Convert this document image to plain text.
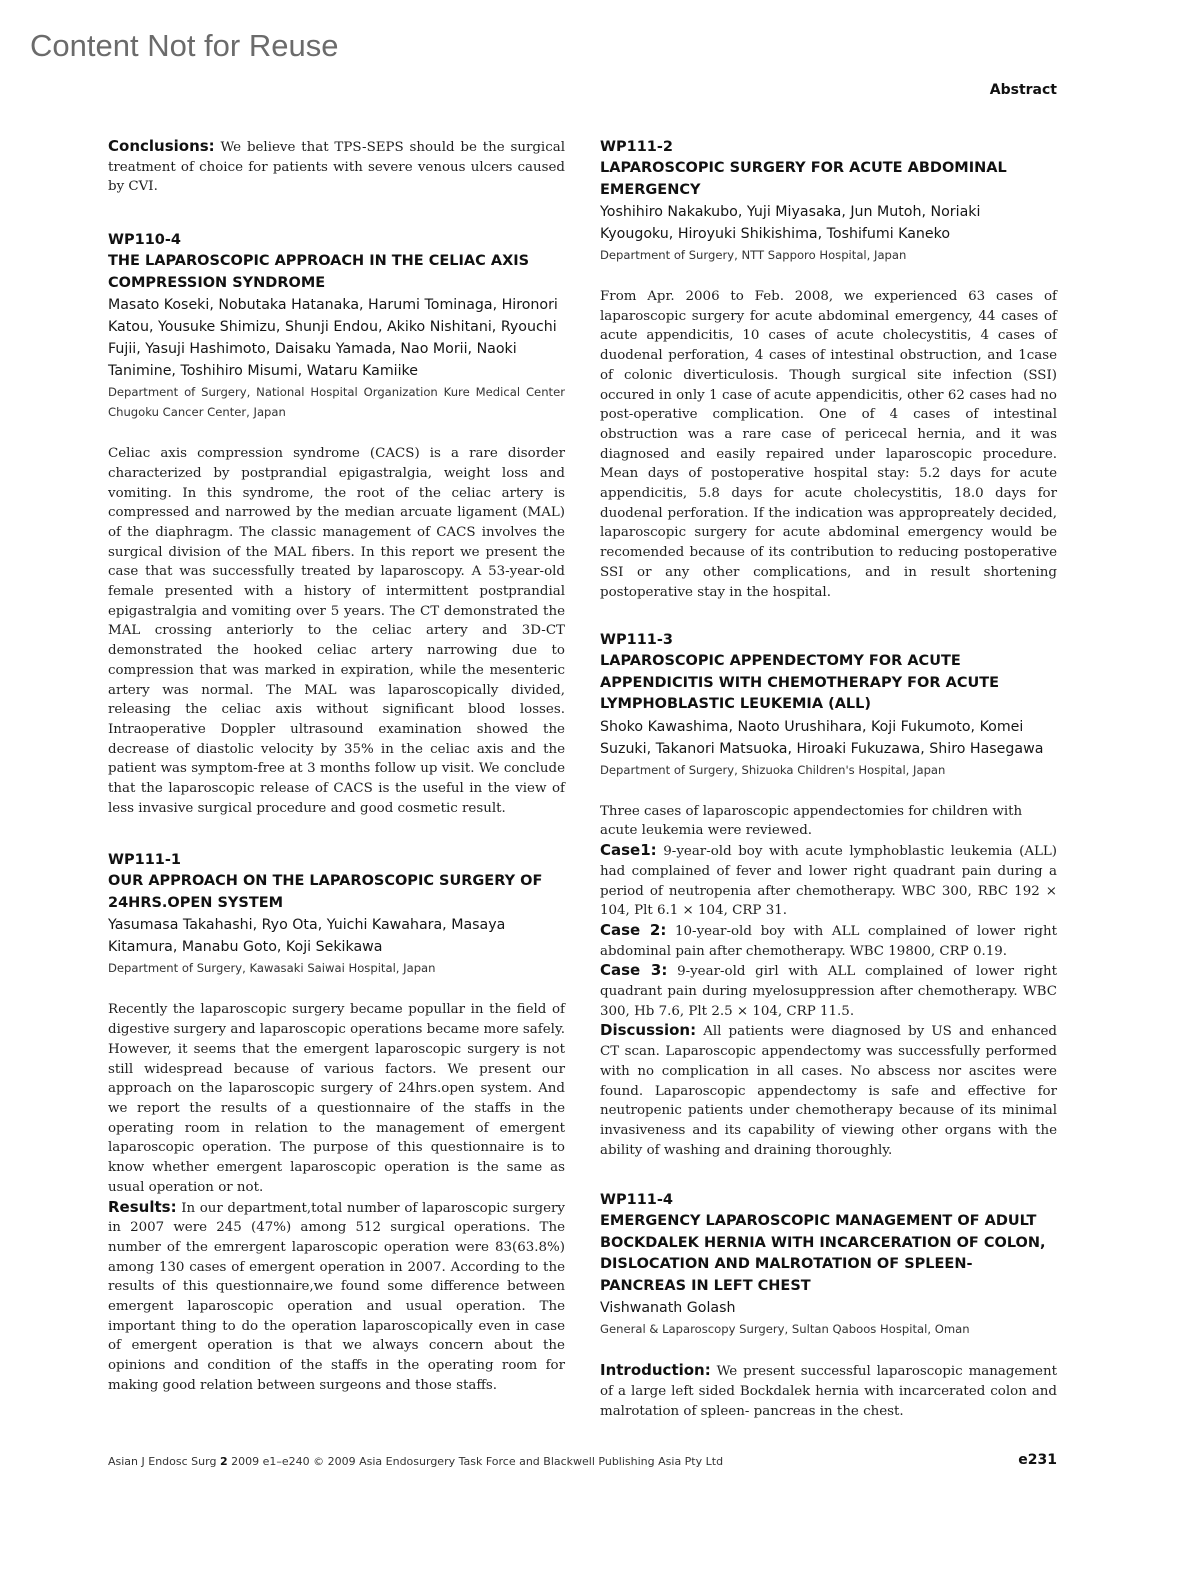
Content Not for Reuse
Abstract

Conclusions: We believe that TPS-SEPS should be the surgical treatment of choice for patients with severe venous ulcers caused by CVI.

WP110-4
THE LAPAROSCOPIC APPROACH IN THE CELIAC AXIS COMPRESSION SYNDROME
Masato Koseki, Nobutaka Hatanaka, Harumi Tominaga, Hironori Katou, Yousuke Shimizu, Shunji Endou, Akiko Nishitani, Ryouchi Fujii, Yasuji Hashimoto, Daisaku Yamada, Nao Morii, Naoki Tanimine, Toshihiro Misumi, Wataru Kamiike
Department of Surgery, National Hospital Organization Kure Medical Center Chugoku Cancer Center, Japan

Celiac axis compression syndrome (CACS) is a rare disorder characterized by postprandial epigastralgia, weight loss and vomiting. In this syndrome, the root of the celiac artery is compressed and narrowed by the median arcuate ligament (MAL) of the diaphragm. The classic management of CACS involves the surgical division of the MAL fibers. In this report we present the case that was successfully treated by laparoscopy. A 53-year-old female presented with a history of intermittent postprandial epigastralgia and vomiting over 5 years. The CT demonstrated the MAL crossing anteriorly to the celiac artery and 3D-CT demonstrated the hooked celiac artery narrowing due to compression that was marked in expiration, while the mesenteric artery was normal. The MAL was laparoscopically divided, releasing the celiac axis without significant blood losses. Intraoperative Doppler ultrasound examination showed the decrease of diastolic velocity by 35% in the celiac axis and the patient was symptom-free at 3 months follow up visit. We conclude that the laparoscopic release of CACS is the useful in the view of less invasive surgical procedure and good cosmetic result.

WP111-1
OUR APPROACH ON THE LAPAROSCOPIC SURGERY OF 24HRS.OPEN SYSTEM
Yasumasa Takahashi, Ryo Ota, Yuichi Kawahara, Masaya Kitamura, Manabu Goto, Koji Sekikawa
Department of Surgery, Kawasaki Saiwai Hospital, Japan

Recently the laparoscopic surgery became popullar in the field of digestive surgery and laparoscopic operations became more safely. However, it seems that the emergent laparoscopic surgery is not still widespread because of various factors. We present our approach on the laparoscopic surgery of 24hrs.open system. And we report the results of a questionnaire of the staffs in the operating room in relation to the management of emergent laparoscopic operation. The purpose of this questionnaire is to know whether emergent laparoscopic operation is the same as usual operation or not.

Results: In our department,total number of laparoscopic surgery in 2007 were 245 (47%) among 512 surgical operations. The number of the emrergent laparoscopic operation were 83(63.8%) among 130 cases of emergent operation in 2007. According to the results of this questionnaire,we found some difference between emergent laparoscopic operation and usual operation. The important thing to do the operation laparoscopically even in case of emergent operation is that we always concern about the opinions and condition of the staffs in the operating room for making good relation between surgeons and those staffs.

WP111-2
LAPAROSCOPIC SURGERY FOR ACUTE ABDOMINAL EMERGENCY
Yoshihiro Nakakubo, Yuji Miyasaka, Jun Mutoh, Noriaki Kyougoku, Hiroyuki Shikishima, Toshifumi Kaneko
Department of Surgery, NTT Sapporo Hospital, Japan

From Apr. 2006 to Feb. 2008, we experienced 63 cases of laparoscopic surgery for acute abdominal emergency, 44 cases of acute appendicitis, 10 cases of acute cholecystitis, 4 cases of duodenal perforation, 4 cases of intestinal obstruction, and 1case of colonic diverticulosis. Though surgical site infection (SSI) occured in only 1 case of acute appendicitis, other 62 cases had no post-operative complication. One of 4 cases of intestinal obstruction was a rare case of pericecal hernia, and it was diagnosed and easily repaired under laparoscopic procedure. Mean days of postoperative hospital stay: 5.2 days for acute appendicitis, 5.8 days for acute cholecystitis, 18.0 days for duodenal perforation. If the indication was appropreately decided, laparoscopic surgery for acute abdominal emergency would be recomended because of its contribution to reducing postoperative SSI or any other complications, and in result shortening postoperative stay in the hospital.

WP111-3
LAPAROSCOPIC APPENDECTOMY FOR ACUTE APPENDICITIS WITH CHEMOTHERAPY FOR ACUTE LYMPHOBLASTIC LEUKEMIA (ALL)
Shoko Kawashima, Naoto Urushihara, Koji Fukumoto, Komei Suzuki, Takanori Matsuoka, Hiroaki Fukuzawa, Shiro Hasegawa
Department of Surgery, Shizuoka Children's Hospital, Japan

Three cases of laparoscopic appendectomies for children with acute leukemia were reviewed.

Case1: 9-year-old boy with acute lymphoblastic leukemia (ALL) had complained of fever and lower right quadrant pain during a period of neutropenia after chemotherapy. WBC 300, RBC 192 × 104, Plt 6.1 × 104, CRP 31.

Case 2: 10-year-old boy with ALL complained of lower right abdominal pain after chemotherapy. WBC 19800, CRP 0.19.

Case 3: 9-year-old girl with ALL complained of lower right quadrant pain during myelosuppression after chemotherapy. WBC 300, Hb 7.6, Plt 2.5 × 104, CRP 11.5.

Discussion: All patients were diagnosed by US and enhanced CT scan. Laparoscopic appendectomy was successfully performed with no complication in all cases. No abscess nor ascites were found. Laparoscopic appendectomy is safe and effective for neutropenic patients under chemotherapy because of its minimal invasiveness and its capability of viewing other organs with the ability of washing and draining thoroughly.

WP111-4
EMERGENCY LAPAROSCOPIC MANAGEMENT OF ADULT BOCKDALEK HERNIA WITH INCARCERATION OF COLON, DISLOCATION AND MALROTATION OF SPLEEN-PANCREAS IN LEFT CHEST
Vishwanath Golash
General & Laparoscopy Surgery, Sultan Qaboos Hospital, Oman

Introduction: We present successful laparoscopic management of a large left sided Bockdalek hernia with incarcerated colon and malrotation of spleen- pancreas in the chest.

Asian J Endosc Surg 2 2009 e1–e240 © 2009 Asia Endosurgery Task Force and Blackwell Publishing Asia Pty Ltd	e231
